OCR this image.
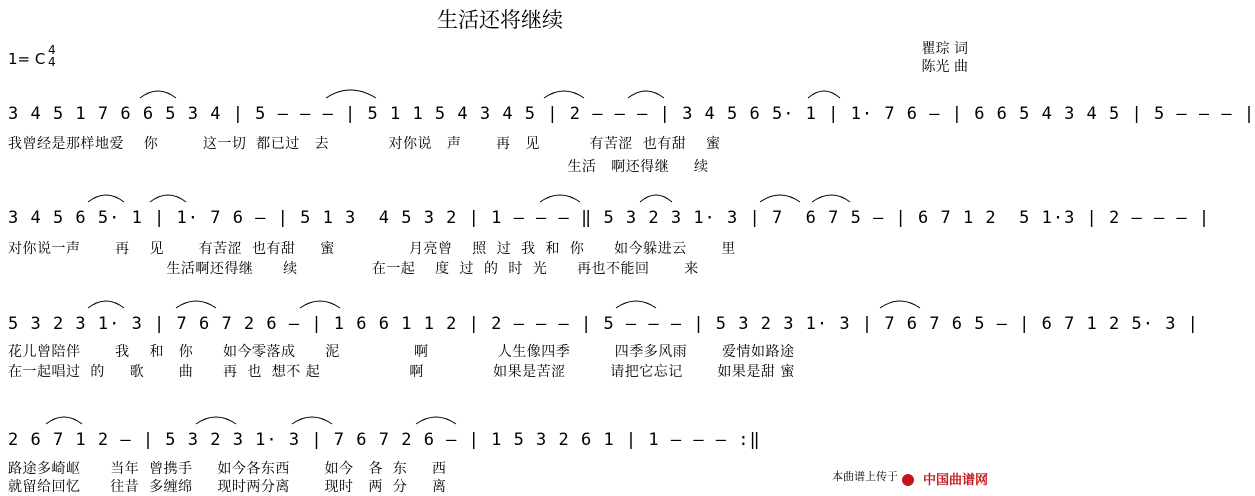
生活还将继续
1= C 4
4
瞿琮 词
陈光 曲
3 4 5 1 7 6 6 5 3 4 | 5 – – – | 5 1 1 5 4 3 4 5 | 2 – – – | 3 4 5 6 5· 1 | 1· 7 6 – | 6 6 5 4 3 4 5 | 5 – – – |
我曾经是那样地爱    你         这一切  都已过   去            对你说   声       再   见          有苦涩  也有甜    蜜
生活   啊还得继     续
3 4 5 6 5· 1 | 1· 7 6 – | 5 1 3  4 5 3 2 | 1 – – – ‖ 5 3 2 3 1· 3 | 7  6 7 5 – | 6 7 1 2  5 1·3 | 2 – – – |
对你说一声       再    见       有苦涩  也有甜     蜜               月亮曾    照  过  我  和  你      如今躲进云       里
生活啊还得继      续               在一起    度  过  的  时  光      再也不能回       来
5 3 2 3 1· 3 | 7 6 7 2 6 – | 1 6 6 1 1 2 | 2 – – – | 5 – – – | 5 3 2 3 1· 3 | 7 6 7 6 5 – | 6 7 1 2 5· 3 |
花儿曾陪伴       我    和   你      如今零落成      泥               啊              人生像四季         四季多风雨       爱情如路途
在一起唱过  的     歌       曲      再  也  想不 起                  啊              如果是苦涩         请把它忘记       如果是甜 蜜
2 6 7 1 2 – | 5 3 2 3 1· 3 | 7 6 7 2 6 – | 1 5 3 2 6 1 | 1 – – – :‖
路途多崎岖      当年  曾携手     如今各东西       如今   各  东     西
就留给回忆      往昔  多缠绵     现时两分离       现时   两  分     离
本曲谱上传于 中国曲谱网
